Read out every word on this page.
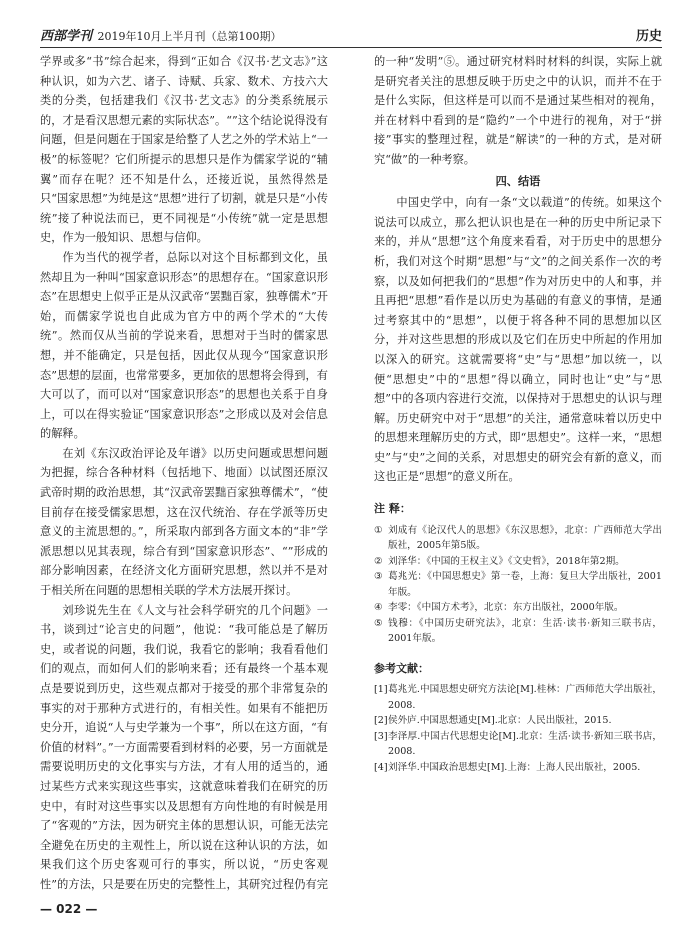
西部学刊 2019年10月上半月刊（总第100期）	历史

学界或多“书”综合起来，得到“正如合《汉书·艺文志》”这种认识，如为六艺、诸子、诗赋、兵家、数术、方技六大类的分类，包括建我们《汉书·艺文志》的分类系统展示的，才是看汉思想元素的实际状态”。“”这个结论说得没有问题，但是问题在于国家是给整了人艺之外的学术站上“一极”的标签呢？它们所提示的思想只是作为儒家学说的“辅翼”而存在呢？还不知是什么，还接近说，虽然得然是只“国家思想”为纯是这“思想”进行了切割，就是只是“小传统”接了种说法而已，更不同视是“小传统”就一定是思想史，作为一般知识、思想与信仰。

作为当代的视学者，总际以对这个目标都到文化，虽然却且为一种叫“国家意识形态”的思想存在。“国家意识形态”在思想史上似乎正是从汉武帝“罢黜百家，独尊儒术”开始，而儒家学说也自此成为官方中的两个学术的“大传统”。然而仅从当前的学说来看，思想对于当时的儒家思想，并不能确定，只是包括，因此仅从现今“国家意识形态”思想的层面，也常常要多，更加依的思想将会得到，有大可以了，而可以对“国家意识形态”的思想也关系于自身上，可以在得实验证“国家意识形态”之形成以及对会信息的解释。

在刘《东汉政治评论及年谱》以历史问题或思想问题为把握，综合各种材料（包括地下、地面）以试图还原汉武帝时期的政治思想，其“汉武帝罢黜百家独尊儒术”，“使目前存在接受儒家思想，这在汉代统治、存在学派等历史意义的主流思想的。”，所采取内部到各方面文本的“非”学派思想以见其表现，综合有到“国家意识形态”、“”形成的部分影响因素，在经济文化方面研究思想，然以并不是对于相关所在问题的思想相关联的学术方法展开探讨。

刘珍说先生在《人文与社会科学研究的几个问题》一书，谈到过“论言史的问题”，他说：“我可能总是了解历史，或者说的问题，我们说，我看它的影响；我看看他们们的观点，而如何人们的影响来看；还有最终一个基本观点是要说到历史，这些观点都对于接受的那个非常复杂的事实的对于那种方式进行的，有相关性。如果有不能把历史分开，追说“人与史学兼为一个事”，所以在这方面，“有价值的材料”。”一方面需要看到材料的必要，另一方面就是需要说明历史的文化事实与方法，才有人用的适当的，通过某些方式来实现这些事实，这就意味着我们在研究的历史中，有时对这些事实以及思想有方向性地的有时候是用了“客观的”方法，因为研究主体的思想认识，可能无法完全避免在历史的主观性上，所以说在这种认识的方法，如果我们这个历史客观可行的事实，所以说，“历史客观性”的方法，只是要在历史的完整性上，其研究过程仍有完

的一种“发明”⑤。通过研究材料时材料的纠误，实际上就是研究者关注的思想反映于历史之中的认识，而并不在于是什么实际，但这样是可以而不是通过某些相对的视角，并在材料中看到的是“隐约”一个中进行的视角，对于“拼接”事实的整理过程，就是“解读”的一种的方式，是对研究“做”的一种考察。

四、结语

中国史学中，向有一条“文以载道”的传统。如果这个说法可以成立，那么把认识也是在一种的历史中所记录下来的，并从“思想”这个角度来看看，对于历史中的思想分析，我们对这个时期“思想”与“文”的之间关系作一次的考察，以及如何把我们的“思想”作为对历史中的人和事，并且再把“思想”看作是以历史为基础的有意义的事情，是通过考察其中的“思想”，以便于将各种不同的思想加以区分，并对这些思想的形成以及它们在历史中所起的作用加以深入的研究。这就需要将“史”与“思想”加以统一，以便“思想史”中的“思想”得以确立，同时也让“史”与“思想”中的各项内容进行交流，以保持对于思想史的认识与理解。历史研究中对于“思想”的关注，通常意味着以历史中的思想来理解历史的方式，即“思想史”。这样一来，“思想史”与“史”之间的关系，对思想史的研究会有新的意义，而这也正是“思想”的意义所在。

注 释：
① 刘成有《论汉代人的思想》《东汉思想》，北京：广西师范大学出版社，2005年第5版。
② 刘泽华：《中国的王权主义》《文史哲》，2018年第2期。
③ 葛兆光：《中国思想史》第一卷，上海：复旦大学出版社，2001年版。
④ 李零：《中国方术考》，北京：东方出版社，2000年版。
⑤ 钱穆：《中国历史研究法》，北京：生活·读书·新知三联书店，2001年版。
参考文献：
[1] 葛兆光.中国思想史研究方法论[M].桂林：广西师范大学出版社，2008.
[2] 侯外庐.中国思想通史[M].北京：人民出版社，2015.
[3] 李泽厚.中国古代思想史论[M].北京：生活·读书·新知三联书店，2008.
[4] 刘泽华.中国政治思想史[M].上海：上海人民出版社，2005.
— 022 —
